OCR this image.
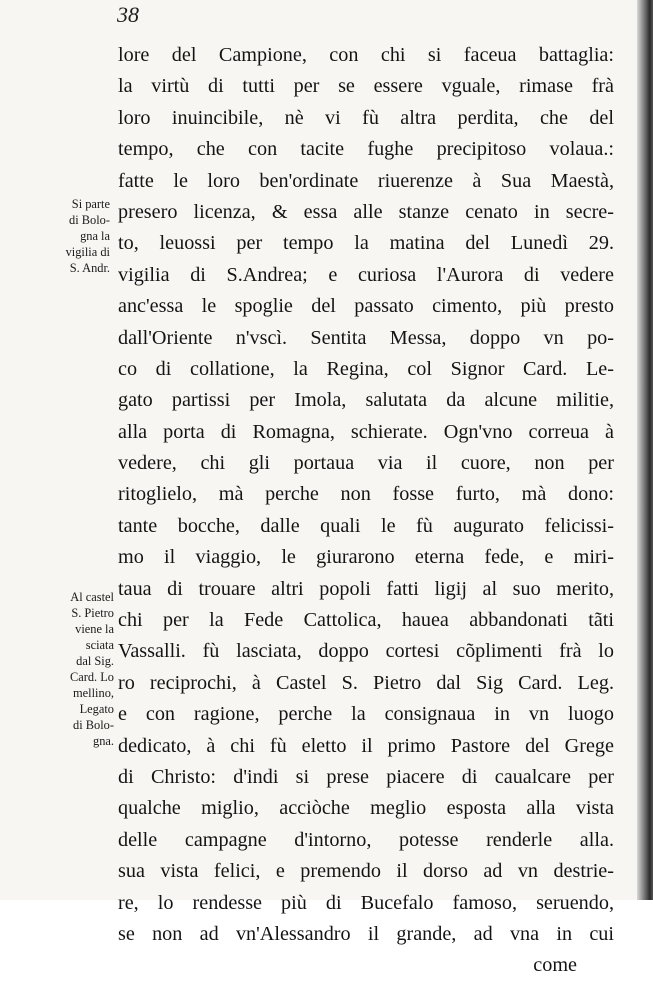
38
lore del Campione, con chi si faceua battaglia:
la virtù di tutti per se essere vguale, rimase frà
loro inuincibile, nè vi fù altra perdita, che del
tempo, che con tacite fughe precipitoso volaua.:
fatte le loro ben'ordinate riuerenze à Sua Maestà,
presero licenza, & essa alle stanze cenato in secre-
to, leuossi per tempo la matina del Lunedì 29.
vigilia di S.Andrea; e curiosa l'Aurora di vedere
anc'essa le spoglie del passato cimento, più presto
dall'Oriente n'vscì. Sentita Messa, doppo vn po-
co di collatione, la Regina, col Signor Card. Le-
gato partissi per Imola, salutata da alcune militie,
alla porta di Romagna, schierate. Ogn'vno correua à
vedere, chi gli portaua via il cuore, non per
ritoglielo, mà perche non fosse furto, mà dono:
tante bocche, dalle quali le fù augurato felicissi-
mo il viaggio, le giurarono eterna fede, e miri-
taua di trouare altri popoli fatti ligij al suo merito,
chi per la Fede Cattolica, haueа abbandonati tãti
Vassalli. fù lasciata, doppo cortesi cõplimenti frà lo
ro reciprochi, à Castel S. Pietro dal Sig Card. Leg.
e con ragione, perche la consignaua in vn luogo
dedicato, à chi fù eletto il primo Pastore del Grege
di Christo: d'indi si prese piacere di caualcare per
qualche miglio, acciòche meglio esposta alla vista
delle campagne d'intorno, potesse renderle alla.
sua vista felici, e premendo il dorso ad vn destrie-
re, lo rendesse più di Bucefalo famoso, seruendo,
se non ad vn'Alessandro il grande, ad vna in cui
come
Si parte
di Bolo-
gna la
vigilia di
S. Andr.
Al castel
S. Pietro
viene la
sciata
dal Sig.
Card. Lo
mellino,
Legato
di Bolo-
gna.
